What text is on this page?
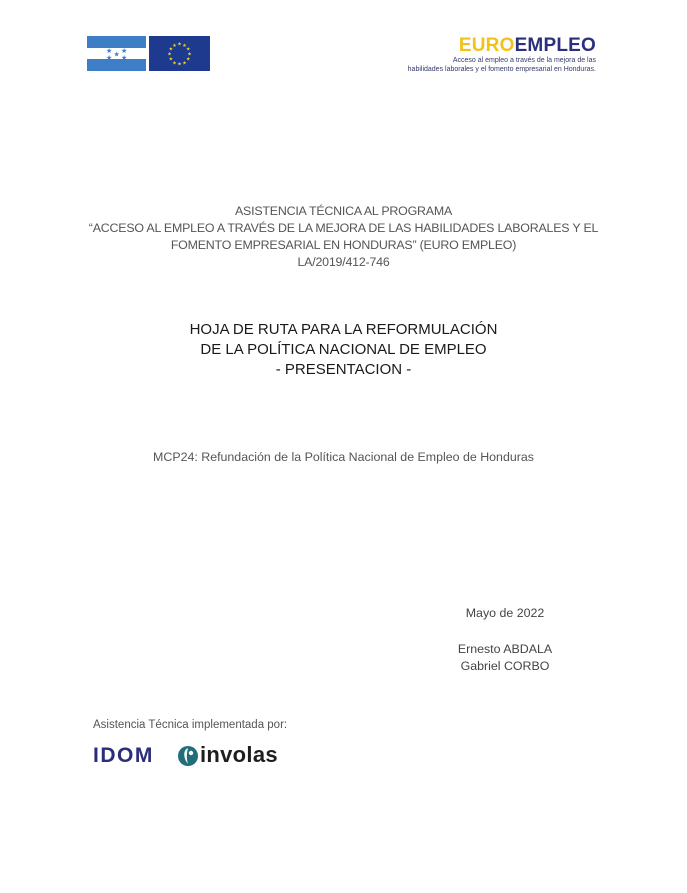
★ ★
★
★ ★
★ ★
★
★
★
★
★
★
★
★
★
★	EUROEMPLEO
Acceso al empleo a través de la mejora de las
habilidades laborales y el fomento empresarial en Honduras.
ASISTENCIA TÉCNICA AL PROGRAMA
“ACCESO AL EMPLEO A TRAVÉS DE LA MEJORA DE LAS HABILIDADES LABORALES Y EL
FOMENTO EMPRESARIAL EN HONDURAS” (EURO EMPLEO)
LA/2019/412-746
HOJA DE RUTA PARA LA REFORMULACIÓN
DE LA POLÍTICA NACIONAL DE EMPLEO
- PRESENTACION -
MCP24: Refundación de la Política Nacional de Empleo de Honduras
Mayo de 2022
Ernesto ABDALA
Gabriel CORBO
Asistencia Técnica implementada por:
IDOM involas
